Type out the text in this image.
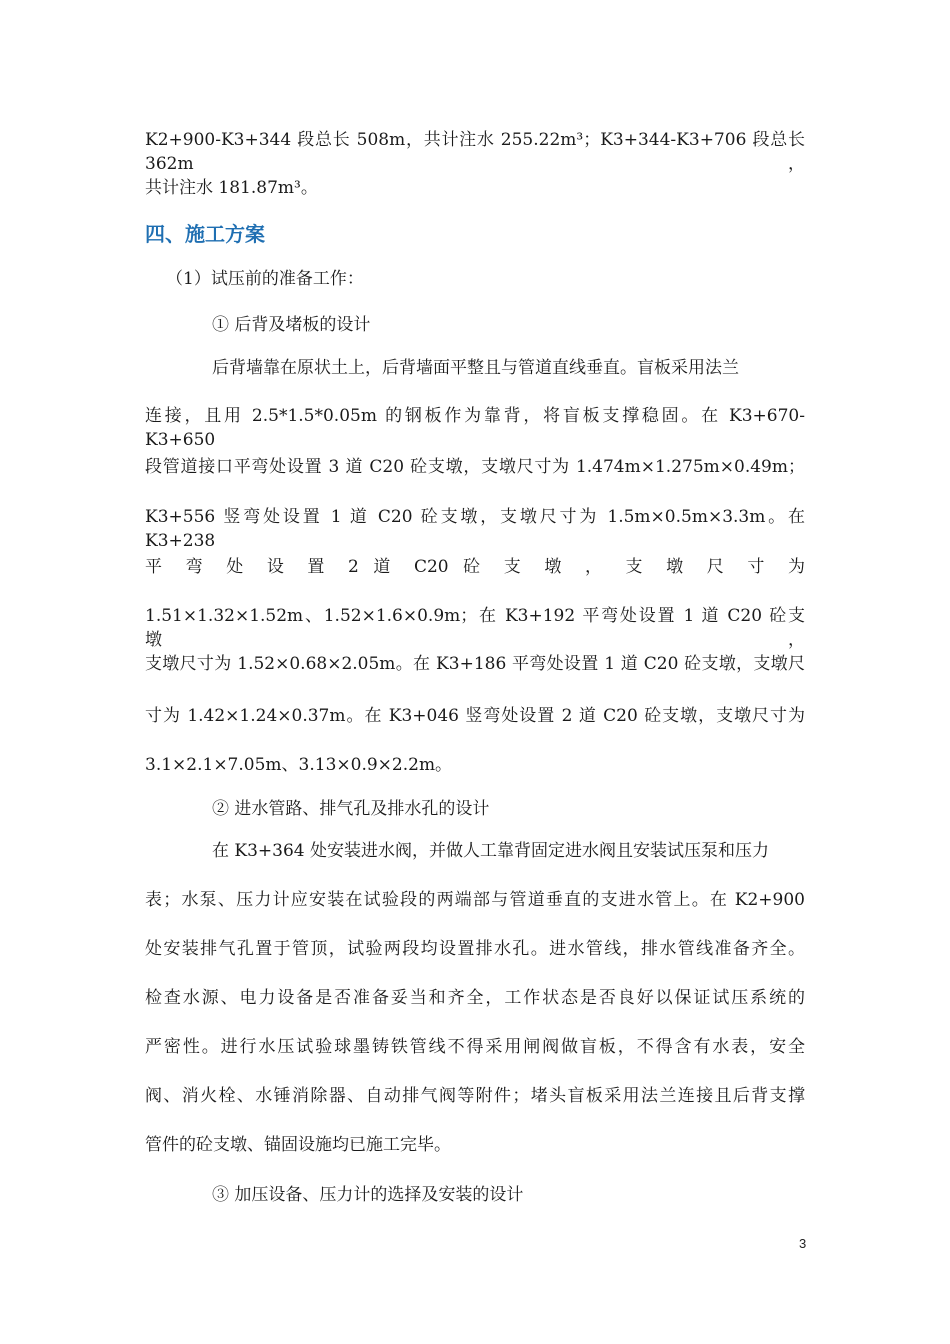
K2+900-K3+344 段总长 508m，共计注水 255.22m³；K3+344-K3+706 段总长 362m，
共计注水 181.87m³。
四、施工方案
（1）试压前的准备工作：
① 后背及堵板的设计
后背墙靠在原状土上，后背墙面平整且与管道直线垂直。盲板采用法兰
连接，且用 2.5*1.5*0.05m 的钢板作为靠背，将盲板支撑稳固。在 K3+670- K3+650
段管道接口平弯处设置 3 道 C20 砼支墩，支墩尺寸为 1.474m×1.275m×0.49m；
K3+556 竖弯处设置 1 道 C20 砼支墩，支墩尺寸为 1.5m×0.5m×3.3m。在 K3+238
平 弯 处 设 置 2 道 C20 砼 支 墩 ， 支 墩 尺 寸 为
1.51×1.32×1.52m、1.52×1.6×0.9m；在 K3+192 平弯处设置 1 道 C20 砼支墩，
支墩尺寸为 1.52×0.68×2.05m。在 K3+186 平弯处设置 1 道 C20 砼支墩，支墩尺
寸为 1.42×1.24×0.37m。在 K3+046 竖弯处设置 2 道 C20 砼支墩，支墩尺寸为
3.1×2.1×7.05m、3.13×0.9×2.2m。
② 进水管路、排气孔及排水孔的设计
在 K3+364 处安装进水阀，并做人工靠背固定进水阀且安装试压泵和压力
表；水泵、压力计应安装在试验段的两端部与管道垂直的支进水管上。在 K2+900
处安装排气孔置于管顶，试验两段均设置排水孔。进水管线，排水管线准备齐全。
检查水源、电力设备是否准备妥当和齐全，工作状态是否良好以保证试压系统的
严密性。进行水压试验球墨铸铁管线不得采用闸阀做盲板，不得含有水表，安全
阀、消火栓、水锤消除器、自动排气阀等附件；堵头盲板采用法兰连接且后背支撑
管件的砼支墩、锚固设施均已施工完毕。
③ 加压设备、压力计的选择及安装的设计
3
